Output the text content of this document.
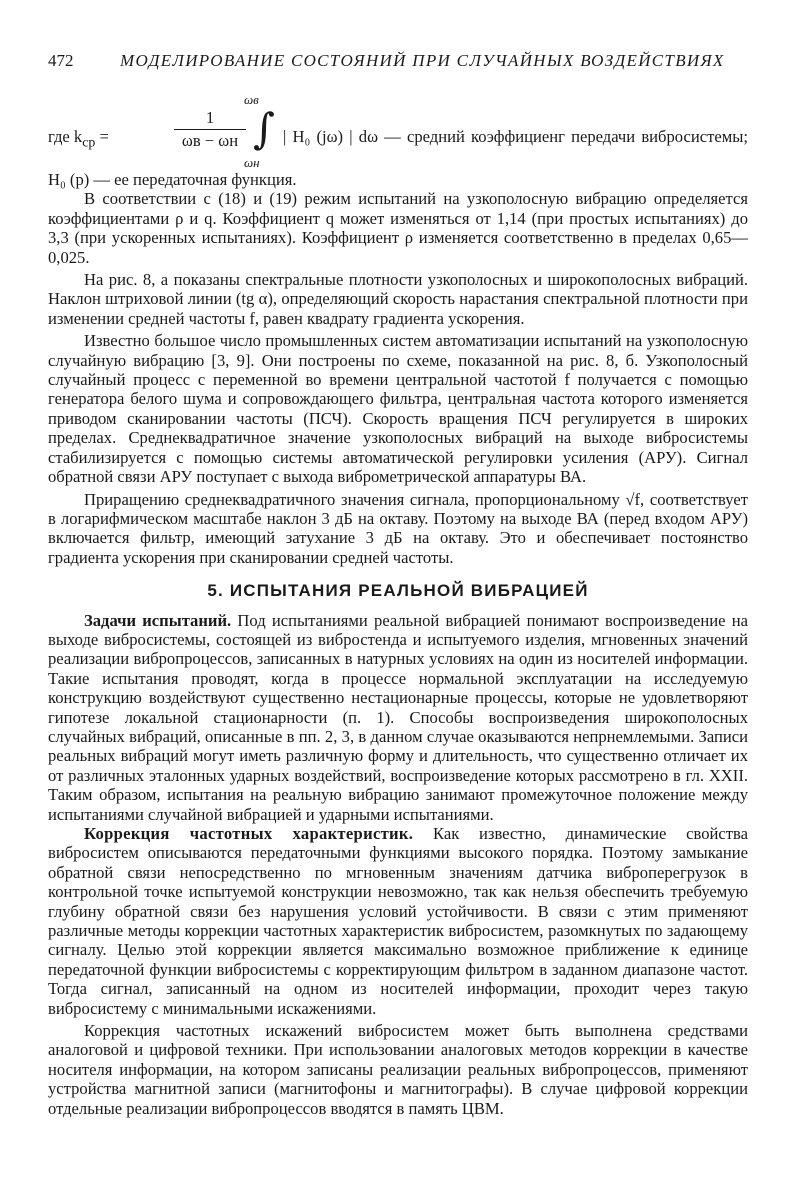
472	МОДЕЛИРОВАНИЕ СОСТОЯНИЙ ПРИ СЛУЧАЙНЫХ ВОЗДЕЙСТВИЯХ
где $k_{ср}$ =
1
ωв − ωн
ωв
∫
ωн
| H₀ (jω) | dω — средний коэффициенг передачи вибросистемы;

H₀ (p) — ее передаточная функция.

В соответствии с (18) и (19) режим испытаний на узкополосную вибрацию определяется коэффициентами ρ и q. Коэффициент q может изменяться от 1,14 (при простых испытаниях) до 3,3 (при ускоренных испытаниях). Коэффициент ρ изменяется соответственно в пределах 0,65—0,025.

На рис. 8, а показаны спектральные плотности узкополосных и широкополосных вибраций. Наклон штриховой линии (tg α), определяющий скорость нарастания спектральной плотности при изменении средней частоты f, равен квадрату градиента ускорения.

Известно большое число промышленных систем автоматизации испытаний на узкополосную случайную вибрацию [3, 9]. Они построены по схеме, показанной на рис. 8, б. Узкополосный случайный процесс с переменной во времени центральной частотой f получается с помощью генератора белого шума и сопровождающего фильтра, центральная частота которого изменяется приводом сканировании частоты (ПСЧ). Скорость вращения ПСЧ регулируется в широких пределах. Среднеквадратичное значение узкополосных вибраций на выходе вибросистемы стабилизируется с помощью системы автоматической регулировки усиления (АРУ). Сигнал обратной связи АРУ поступает с выхода виброметрической аппаратуры ВА.

Приращению среднеквадратичного значения сигнала, пропорциональному √f, соответствует в логарифмическом масштабе наклон 3 дБ на октаву. Поэтому на выходе ВА (перед входом АРУ) включается фильтр, имеющий затухание 3 дБ на октаву. Это и обеспечивает постоянство градиента ускорения при сканировании средней частоты.

5. ИСПЫТАНИЯ РЕАЛЬНОЙ ВИБРАЦИЕЙ

Задачи испытаний. Под испытаниями реальной вибрацией понимают воспроизведение на выходе вибросистемы, состоящей из вибростенда и испытуемого изделия, мгновенных значений реализации вибропроцессов, записанных в натурных условиях на один из носителей информации. Такие испытания проводят, когда в процессе нормальной эксплуатации на исследуемую конструкцию воздействуют существенно нестационарные процессы, которые не удовлетворяют гипотезе локальной стационарности (п. 1). Способы воспроизведения широкополосных случайных вибраций, описанные в пп. 2, 3, в данном случае оказываются непрнемлемыми. Записи реальных вибраций могут иметь различную форму и длительность, что существенно отличает их от различных эталонных ударных воздействий, воспроизведение которых рассмотрено в гл. XXII. Таким образом, испытания на реальную вибрацию занимают промежуточное положение между испытаниями случайной вибрацией и ударными испытаниями.

Коррекция частотных характеристик. Как известно, динамические свойства вибросистем описываются передаточными функциями высокого порядка. Поэтому замыкание обратной связи непосредственно по мгновенным значениям датчика виброперегрузок в контрольной точке испытуемой конструкции невозможно, так как нельзя обеспечить требуемую глубину обратной связи без нарушения условий устойчивости. В связи с этим применяют различные методы коррекции частотных характеристик вибросистем, разомкнутых по задающему сигналу. Целью этой коррекции является максимально возможное приближение к единице передаточной функции вибросистемы с корректирующим фильтром в заданном диапазоне частот. Тогда сигнал, записанный на одном из носителей информации, проходит через такую вибросистему с минимальными искажениями.

Коррекция частотных искажений вибросистем может быть выполнена средствами аналоговой и цифровой техники. При использовании аналоговых методов коррекции в качестве носителя информации, на котором записаны реализации реальных вибропроцессов, применяют устройства магнитной записи (магнитофоны и магнитографы). В случае цифровой коррекции отдельные реализации вибропроцессов вводятся в память ЦВМ.
